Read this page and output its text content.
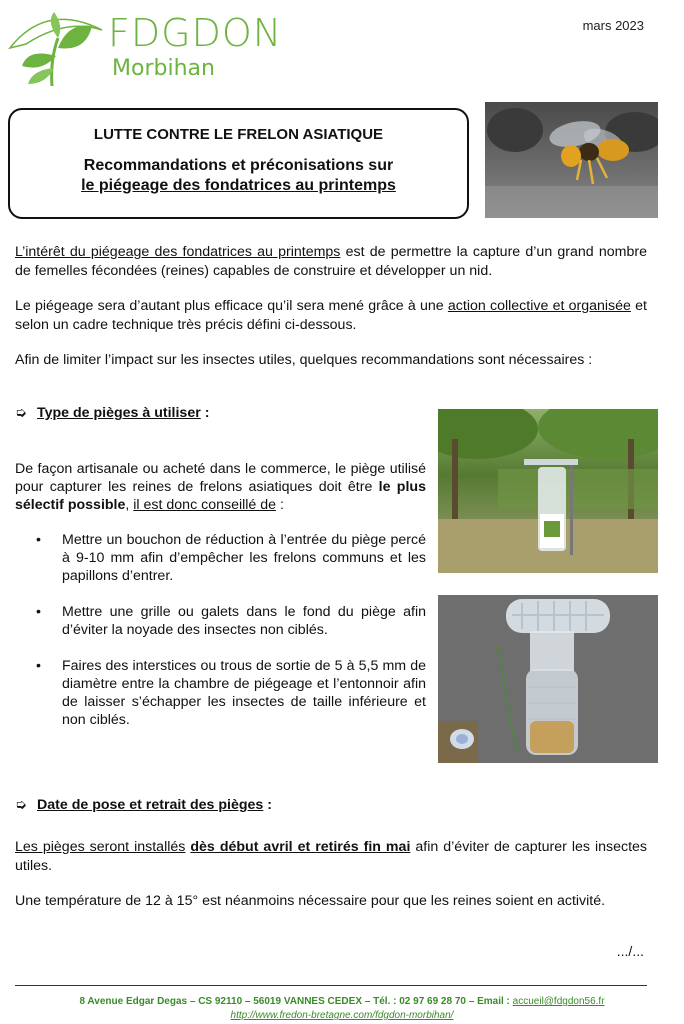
FDGDON
Morbihan
mars 2023
LUTTE CONTRE LE FRELON ASIATIQUE
Recommandations et préconisations sur
le piégeage des fondatrices au printemps
L’intérêt du piégeage des fondatrices au printemps est de permettre la capture d’un grand nombre de femelles fécondées (reines) capables de construire et développer un nid.
Le piégeage sera d’autant plus efficace qu’il sera mené grâce à une action collective et organisée et selon un cadre technique très précis défini ci-dessous.
Afin de limiter l’impact sur les insectes utiles, quelques recommandations sont nécessaires :
➭ Type de pièges à utiliser :
De façon artisanale ou acheté dans le commerce, le piège utilisé pour capturer les reines de frelons asiatiques doit être le plus sélectif possible, il est donc conseillé de :
• Mettre un bouchon de réduction à l’entrée du piège percé à 9-10 mm afin d’empêcher les frelons communs et les papillons d’entrer.
• Mettre une grille ou galets dans le fond du piège afin d’éviter la noyade des insectes non ciblés.
• Faires des interstices ou trous de sortie de 5 à 5,5 mm de diamètre entre la chambre de piégeage et l’entonnoir afin de laisser s’échapper les insectes de taille inférieure et non ciblés.
➭ Date de pose et retrait des pièges :
Les pièges seront installés dès début avril et retirés fin mai afin d’éviter de capturer les insectes utiles.
Une température de 12 à 15° est néanmoins nécessaire pour que les reines soient en activité.
.../...
8 Avenue Edgar Degas – CS 92110 – 56019 VANNES CEDEX – Tél. : 02 97 69 28 70 – Email : accueil@fdgdon56.fr
http://www.fredon-bretagne.com/fdgdon-morbihan/
